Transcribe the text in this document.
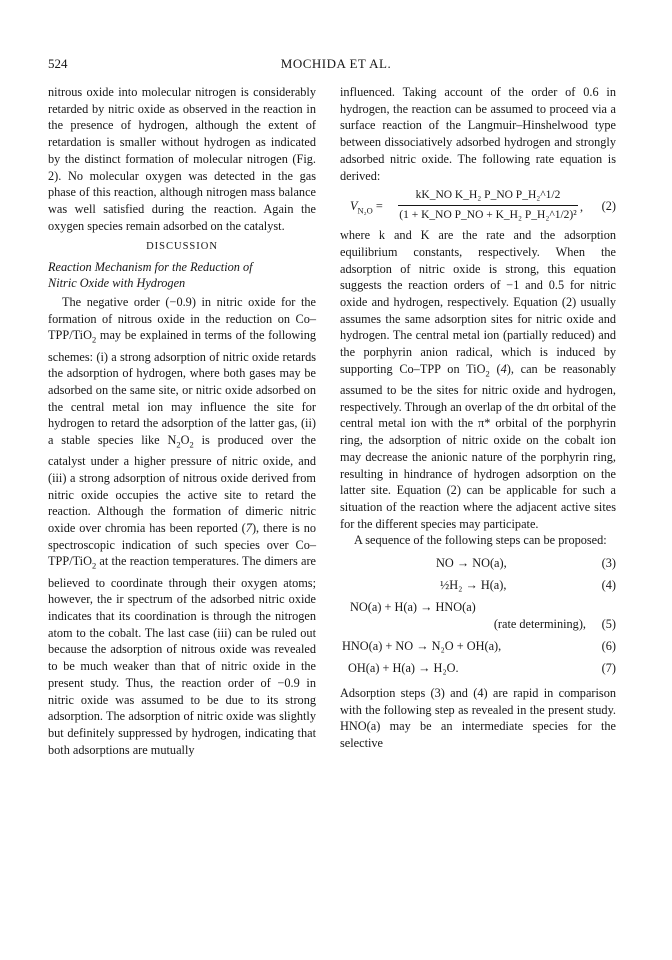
524	MOCHIDA ET AL.

nitrous oxide into molecular nitrogen is considerably retarded by nitric oxide as observed in the reaction in the presence of hydrogen, although the extent of retardation is smaller without hydrogen as indicated by the distinct formation of molecular nitrogen (Fig. 2). No molecular oxygen was detected in the gas phase of this reaction, although nitrogen mass balance was well satisfied during the reaction. Again the oxygen species remain adsorbed on the catalyst.

DISCUSSION
Reaction Mechanism for the Reduction of
Nitric Oxide with Hydrogen

The negative order (−0.9) in nitric oxide for the formation of nitrous oxide in the reduction on Co–TPP/TiO$_2$ may be explained in terms of the following schemes: (i) a strong adsorption of nitric oxide retards the adsorption of hydrogen, where both gases may be adsorbed on the same site, or nitric oxide adsorbed on the central metal ion may influence the site for hydrogen to retard the adsorption of the latter gas, (ii) a stable species like $N_2O_2$ is produced over the catalyst under a higher pressure of nitric oxide, and (iii) a strong adsorption of nitrous oxide derived from nitric oxide occupies the active site to retard the reaction. Although the formation of dimeric nitric oxide over chromia has been reported (7), there is no spectroscopic indication of such species over Co–TPP/TiO$_2$ at the reaction temperatures. The dimers are believed to coordinate through their oxygen atoms; however, the ir spectrum of the adsorbed nitric oxide indicates that its coordination is through the nitrogen atom to the cobalt. The last case (iii) can be ruled out because the adsorption of nitrous oxide was revealed to be much weaker than that of nitric oxide in the present study. Thus, the reaction order of −0.9 in nitric oxide was assumed to be due to its strong adsorption. The adsorption of nitric oxide was slightly but definitely suppressed by hydrogen, indicating that both adsorptions are mutually

influenced. Taking account of the order of 0.6 in hydrogen, the reaction can be assumed to proceed via a surface reaction of the Langmuir–Hinshelwood type between dissociatively adsorbed hydrogen and strongly adsorbed nitric oxide. The following rate equation is derived:

$V_{N_2O} = \frac{\text{kK\_NO K\_H₂ P\_NO P\_H₂\textasciicircum{}1/2}}{\text{(1 + K\_NO P\_NO + K\_H₂ P\_H₂\textasciicircum{}1/2)²}}$ , (2)

where k and K are the rate and the adsorption equilibrium constants, respectively. When the adsorption of nitric oxide is strong, this equation suggests the reaction orders of −1 and 0.5 for nitric oxide and hydrogen, respectively. Equation (2) usually assumes the same adsorption sites for nitric oxide and hydrogen. The central metal ion (partially reduced) and the porphyrin anion radical, which is induced by supporting Co–TPP on TiO$_2$ (4), can be reasonably assumed to be the sites for nitric oxide and hydrogen, respectively. Through an overlap of the dπ orbital of the central metal ion with the π* orbital of the porphyrin ring, the adsorption of nitric oxide on the cobalt ion may decrease the anionic nature of the porphyrin ring, resulting in hindrance of hydrogen adsorption on the latter site. Equation (2) can be applicable for such a situation of the reaction where the adjacent active sites for the different species may participate.

A sequence of the following steps can be proposed:

NO → NO(a),	(3)
½H₂ → H(a),	(4)
NO(a) + H(a) → HNO(a)
(rate determining), (5)
HNO(a) + NO → N₂O + OH(a),	(6)
OH(a) + H(a) → H₂O.	(7)

Adsorption steps (3) and (4) are rapid in comparison with the following step as revealed in the present study. HNO(a) may be an intermediate species for the selective
